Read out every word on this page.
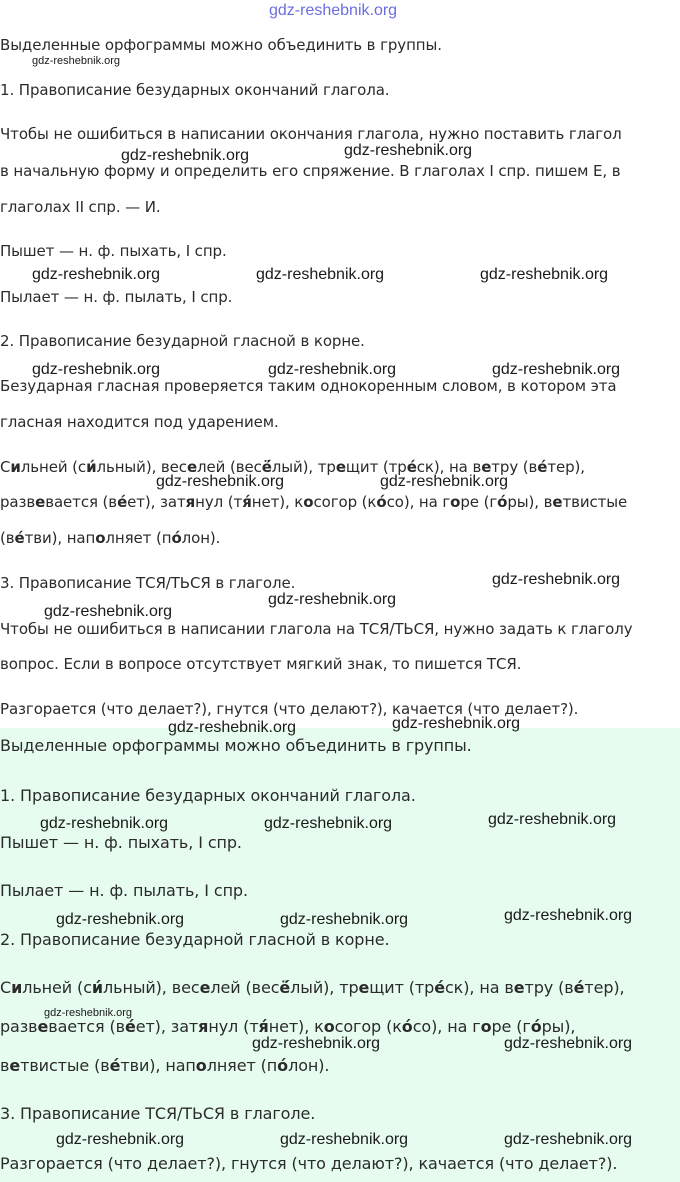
gdz-reshebnik.org
Выделенные орфограммы можно объединить в группы.
1. Правописание безударных окончаний глагола.
Чтобы не ошибиться в написании окончания глагола, нужно поставить глагол
в начальную форму и определить его спряжение. В глаголах I спр. пишем Е, в
глаголах II спр. — И.
Пышет — н. ф. пыхать, I спр.
Пылает — н. ф. пылать, I спр.
2. Правописание безударной гласной в корне.
Безударная гласная проверяется таким однокоренным словом, в котором эта
гласная находится под ударением.
Сильней (си́льный), веселей (весё́лый), трещит (тре́ск), на ветру (ве́тер),
развевается (ве́ет), затянул (тя́нет), косогор (ко́со), на горе (го́ры), ветвистые
(ве́тви), наполняет (по́лон).
3. Правописание ТСЯ/ТЬСЯ в глаголе.
Чтобы не ошибиться в написании глагола на ТСЯ/ТЬСЯ, нужно задать к глаголу
вопрос. Если в вопросе отсутствует мягкий знак, то пишется ТСЯ.
Разгорается (что делает?), гнутся (что делают?), качается (что делает?).
Выделенные орфограммы можно объединить в группы.
1. Правописание безударных окончаний глагола.
Пышет — н. ф. пыхать, I спр.
Пылает — н. ф. пылать, I спр.
2. Правописание безударной гласной в корне.
Сильней (си́льный), веселей (весё́лый), трещит (тре́ск), на ветру (ве́тер),
развевается (ве́ет), затянул (тя́нет), косогор (ко́со), на горе (го́ры),
ветвистые (ве́тви), наполняет (по́лон).
3. Правописание ТСЯ/ТЬСЯ в глаголе.
Разгорается (что делает?), гнутся (что делают?), качается (что делает?).
gdz-reshebnik.org
gdz-reshebnik.org	gdz-reshebnik.org
gdz-reshebnik.org	gdz-reshebnik.org	gdz-reshebnik.org
gdz-reshebnik.org	gdz-reshebnik.org	gdz-reshebnik.org
gdz-reshebnik.org	gdz-reshebnik.org
gdz-reshebnik.org
gdz-reshebnik.org
gdz-reshebnik.org
gdz-reshebnik.org	gdz-reshebnik.org
gdz-reshebnik.org	gdz-reshebnik.org	gdz-reshebnik.org
gdz-reshebnik.org	gdz-reshebnik.org	gdz-reshebnik.org
gdz-reshebnik.org
gdz-reshebnik.org	gdz-reshebnik.org
gdz-reshebnik.org	gdz-reshebnik.org	gdz-reshebnik.org
